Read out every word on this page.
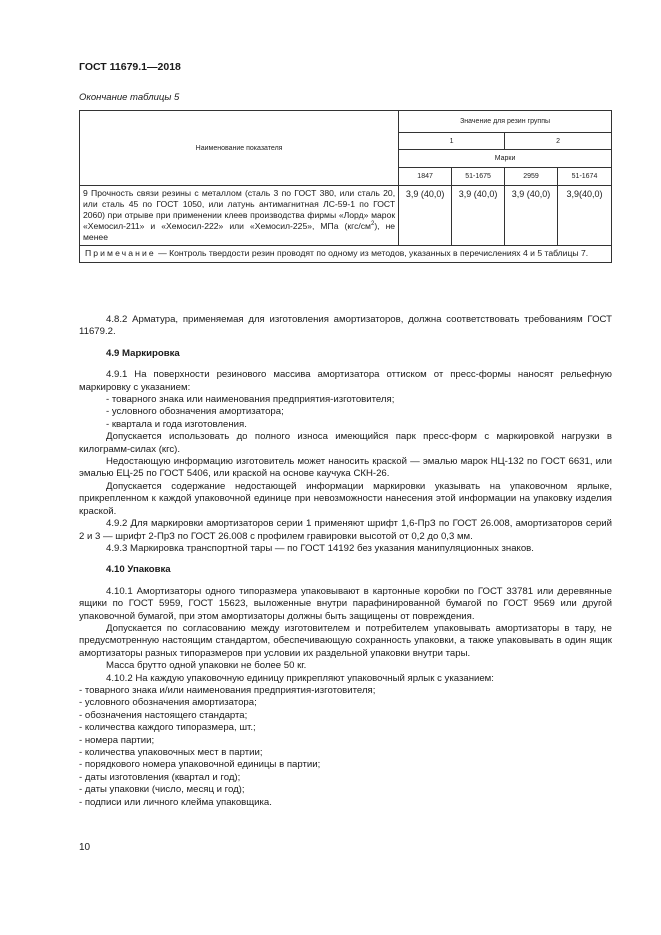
ГОСТ 11679.1—2018
Окончание таблицы 5
Наименование показателя	Значение для резин группы			
	1		2	
	Марки			
	1847	51-1675	2959	51-1674
9 Прочность связи резины с металлом (сталь 3 по ГОСТ 380, или сталь 20, или сталь 45 по ГОСТ 1050, или латунь антимагнитная ЛС-59-1 по ГОСТ 2060) при отрыве при применении клеев производства фирмы «Лорд» марок «Хемосил-211» и «Хемосил-222» или «Хемосил-225», МПа $(кгс/см^2)$, не менее	3,9 (40,0)	3,9 (40,0)	3,9 (40,0)	3,9(40,0)
Примечание — Контроль твердости резин проводят по одному из методов, указанных в перечислениях 4 и 5 таблицы 7.				

4.8.2 Арматура, применяемая для изготовления амортизаторов, должна соответствовать требованиям ГОСТ 11679.2.

4.9 Маркировка

4.9.1 На поверхности резинового массива амортизатора оттиском от пресс-формы наносят рельефную маркировку с указанием:

- товарного знака или наименования предприятия-изготовителя;

- условного обозначения амортизатора;

- квартала и года изготовления.

Допускается использовать до полного износа имеющийся парк пресс-форм с маркировкой нагрузки в килограмм-силах (кгс).

Недостающую информацию изготовитель может наносить краской — эмалью марок НЦ-132 по ГОСТ 6631, или эмалью ЕЦ-25 по ГОСТ 5406, или краской на основе каучука СКН-26.

Допускается содержание недостающей информации маркировки указывать на упаковочном ярлыке, прикрепленном к каждой упаковочной единице при невозможности нанесения этой информации на упаковку изделия краской.

4.9.2 Для маркировки амортизаторов серии 1 применяют шрифт 1,6-ПрЗ по ГОСТ 26.008, амортизаторов серий 2 и 3 — шрифт 2-ПрЗ по ГОСТ 26.008 с профилем гравировки высотой от 0,2 до 0,3 мм.

4.9.3 Маркировка транспортной тары — по ГОСТ 14192 без указания манипуляционных знаков.

4.10 Упаковка

4.10.1 Амортизаторы одного типоразмера упаковывают в картонные коробки по ГОСТ 33781 или деревянные ящики по ГОСТ 5959, ГОСТ 15623, выложенные внутри парафинированной бумагой по ГОСТ 9569 или другой упаковочной бумагой, при этом амортизаторы должны быть защищены от повреждения.

Допускается по согласованию между изготовителем и потребителем упаковывать амортизаторы в тару, не предусмотренную настоящим стандартом, обеспечивающую сохранность упаковки, а также упаковывать в один ящик амортизаторы разных типоразмеров при условии их раздельной упаковки внутри тары.

Масса брутто одной упаковки не более 50 кг.

4.10.2 На каждую упаковочную единицу прикрепляют упаковочный ярлык с указанием:

- товарного знака и/или наименования предприятия-изготовителя;

- условного обозначения амортизатора;

- обозначения настоящего стандарта;

- количества каждого типоразмера, шт.;

- номера партии;

- количества упаковочных мест в партии;

- порядкового номера упаковочной единицы в партии;

- даты изготовления (квартал и год);

- даты упаковки (число, месяц и год);

- подписи или личного клейма упаковщика.

10
